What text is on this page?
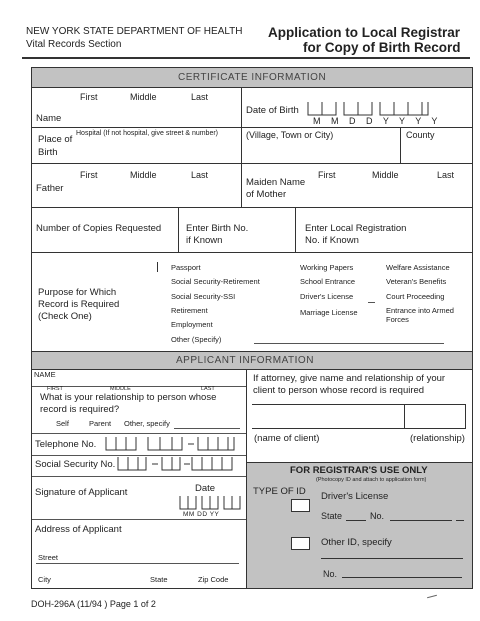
NEW YORK STATE DEPARTMENT OF HEALTH
Vital Records Section
Application to Local Registrar
for Copy of Birth Record
CERTIFICATE INFORMATION
First	Middle	Last
Name
Date of Birth
M M D D Y Y Y Y
Place of
Birth
Hospital (If not hospital, give street & number)	(Village, Town or City)	County
First	Middle	Last
Father
Maiden Name
of Mother
First	Middle	Last
Number of Copies Requested	Enter Birth No.
if Known
Enter Local Registration
No. if Known
Purpose for Which
Record is Required
(Check One)
Passport
Social Security-Retirement
Social Security-SSI
Retirement
Employment
Other (Specify)
Working Papers
School Entrance
Driver's License
Marriage License
Welfare Assistance
Veteran's Benefits
Court Proceeding
Entrance into Armed
Forces
APPLICANT INFORMATION
NAME
FIRST	MIDDLE	LAST
What is your relationship to person whose
record is required?
Self	Parent Other, specify
If attorney, give name and relationship of your
client to person whose record is required
(name of client)	(relationship)
Telephone No.
Social Security No.
Signature of Applicant	Date
MM DD YY
Address of Applicant
Street
City	State	Zip Code
FOR REGISTRAR'S USE ONLY
(Photocopy ID and attach to application form)
TYPE OF ID Driver's License
State	No.
Other ID, specify
No.
DOH-296A (11/94 ) Page 1 of 2
